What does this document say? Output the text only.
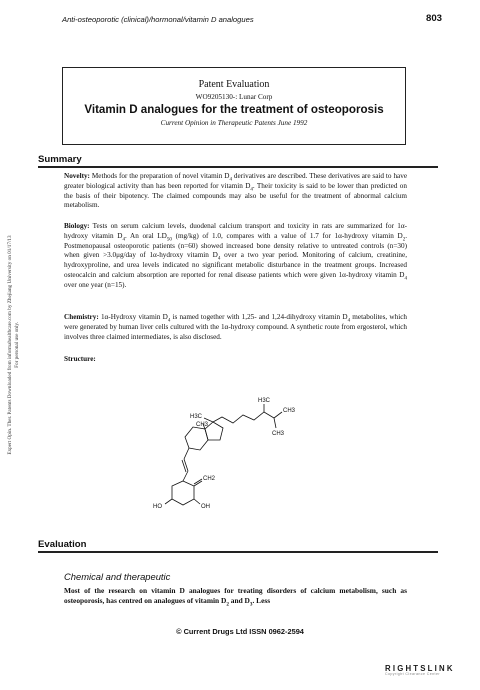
Anti-osteoporotic (clinical)/hormonal/vitamin D analogues	803
Expert Opin. Ther. Patents Downloaded from informahealthcare.com by Zhejiang University on 01/17/13 For personal use only.
Patent Evaluation
WO9205130-: Lunar Corp
Vitamin D analogues for the treatment of osteoporosis
Current Opinion in Therapeutic Patents June 1992
Summary
Novelty: Methods for the preparation of novel vitamin $D_4$ derivatives are described. These derivatives are said to have greater biological activity than has been reported for vitamin $D_4$. Their toxicity is said to be lower than predicted on the basis of their bipotency. The claimed compounds may also be useful for the treatment of abnormal calcium metabolism.
Biology: Tests on serum calcium levels, duodenal calcium transport and toxicity in rats are summarized for 1α-hydroxy vitamin $D_4$. An oral $LD_{50}$ (mg/kg) of 1.0, compares with a value of 1.7 for 1α-hydroxy vitamin $D_2$. Postmenopausal osteoporotic patients (n=60) showed increased bone density relative to untreated controls (n=30) when given >3.0μg/day of 1α-hydroxy vitamin $D_4$ over a two year period. Monitoring of calcium, creatinine, hydroxyproline, and urea levels indicated no significant metabolic disturbance in the treatment groups. Increased osteocalcin and calcium absorption are reported for renal disease patients which were given 1α-hydroxy vitamin $D_4$ over one year (n=15).
Chemistry: 1α-Hydroxy vitamin $D_4$ is named together with 1,25- and 1,24-dihydroxy vitamin $D_4$ metabolites, which were generated by human liver cells cultured with the 1α-hydroxy compound. A synthetic route from ergosterol, which involves three claimed intermediates, is also disclosed.
Structure:
H3C
H3C
CH3
CH3
CH3
CH2
HO	OH
Evaluation
Chemical and therapeutic
Most of the research on vitamin D analogues for treating disorders of calcium metabolism, such as osteoporosis, has centred on analogues of vitamin $D_2$ and $D_3$. Less
© Current Drugs Ltd ISSN 0962-2594
RIGHTSLINK
Copyright Clearance Center
